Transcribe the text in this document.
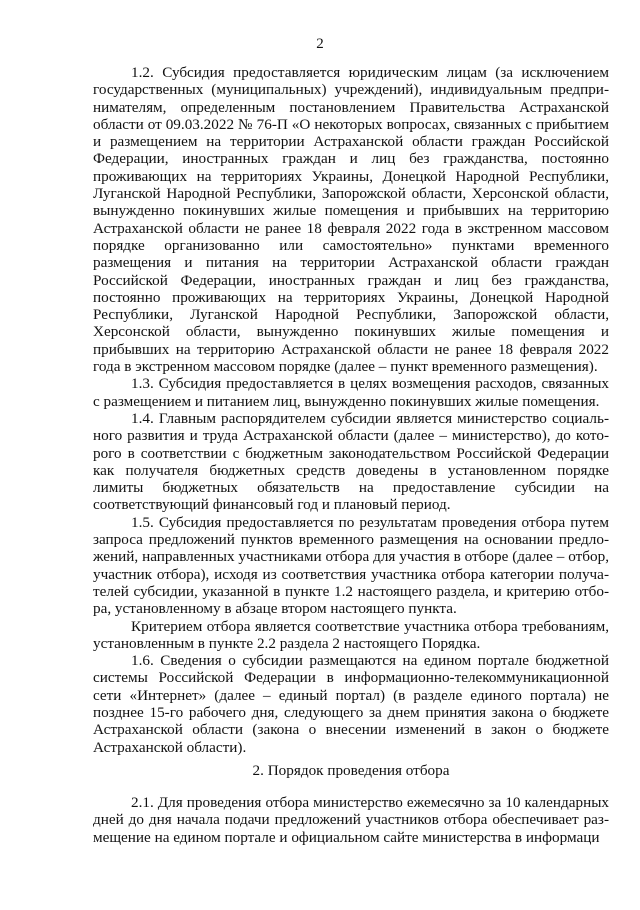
2

1.2. Субсидия предоставляется юридическим лицам (за исключением государственных (муниципальных) учреждений), индивидуальным предпринимателям, определенным постановлением Правительства Астраханской области от 09.03.2022 № 76-П «О некоторых вопросах, связанных с прибытием и размещением на территории Астраханской области граждан Российской Федерации, иностранных граждан и лиц без гражданства, постоянно проживающих на территориях Украины, Донецкой Народной Республики, Луганской Народной Республики, Запорожской области, Херсонской области, вынужденно покинувших жилые помещения и прибывших на территорию Астраханской области не ранее 18 февраля 2022 года в экстренном массовом порядке организованно или самостоятельно» пунктами временного размещения и питания на территории Астраханской области граждан Российской Федерации, иностранных граждан и лиц без гражданства, постоянно проживающих на территориях Украины, Донецкой Народной Республики, Луганской Народной Республики, Запорожской области, Херсонской области, вынужденно покинувших жилые помещения и прибывших на территорию Астраханской области не ранее 18 февраля 2022 года в экстренном массовом порядке (далее – пункт временного размещения).

1.3. Субсидия предоставляется в целях возмещения расходов, связанных с размещением и питанием лиц, вынужденно покинувших жилые помещения.

1.4. Главным распорядителем субсидии является министерство социального развития и труда Астраханской области (далее – министерство), до которого в соответствии с бюджетным законодательством Российской Федерации как получателя бюджетных средств доведены в установленном порядке лимиты бюджетных обязательств на предоставление субсидии на соответствующий финансовый год и плановый период.

1.5. Субсидия предоставляется по результатам проведения отбора путем запроса предложений пунктов временного размещения на основании предложений, направленных участниками отбора для участия в отборе (далее – отбор, участник отбора), исходя из соответствия участника отбора категории получателей субсидии, указанной в пункте 1.2 настоящего раздела, и критерию отбора, установленному в абзаце втором настоящего пункта.

Критерием отбора является соответствие участника отбора требованиям, установленным в пункте 2.2 раздела 2 настоящего Порядка.

1.6. Сведения о субсидии размещаются на едином портале бюджетной системы Российской Федерации в информационно-телекоммуникационной сети «Интернет» (далее – единый портал) (в разделе единого портала) не позднее 15-го рабочего дня, следующего за днем принятия закона о бюджете Астраханской области (закона о внесении изменений в закон о бюджете Астраханской области).

2. Порядок проведения отбора

2.1. Для проведения отбора министерство ежемесячно за 10 календарных дней до дня начала подачи предложений участников отбора обеспечивает размещение на едином портале и официальном сайте министерства в информаци
